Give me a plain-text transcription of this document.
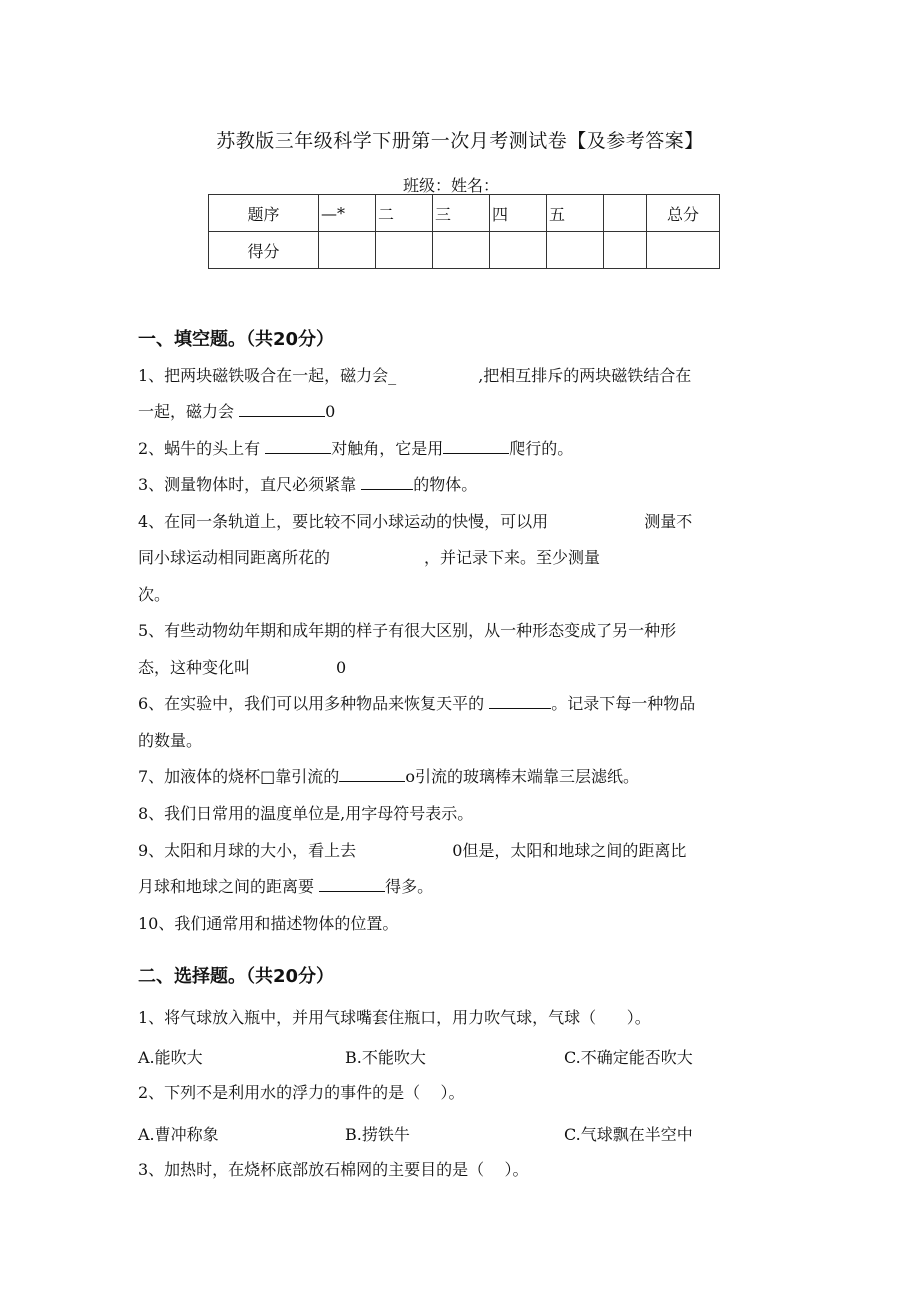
苏教版三年级科学下册第一次月考测试卷【及参考答案】
班级：姓名：
题序	—*	二	三	四	五		总分
得分							
一、填空题。（共20分）
1、把两块磁铁吸合在一起，磁力会_	,把相互排斥的两块磁铁结合在
一起，磁力会	0
2、蜗牛的头上有	对触角，它是用	爬行的。
3、测量物体时，直尺必须紧靠	的物体。
4、在同一条轨道上，要比较不同小球运动的快慢，可以用	测量不
同小球运动相同距离所花的	，并记录下来。至少测量
次。
5、有些动物幼年期和成年期的样子有很大区别，从一种形态变成了另一种形
态，这种变化叫	0
6、在实验中，我们可以用多种物品来恢复天平的	。记录下每一种物品
的数量。
7、加液体的烧杯□靠引流的	o引流的玻璃棒末端靠三层滤纸。
8、我们日常用的温度单位是,用字母符号表示。
9、太阳和月球的大小，看上去	0但是，太阳和地球之间的距离比
月球和地球之间的距离要	得多。
10、我们通常用和描述物体的位置。
二、选择题。（共20分）
1、将气球放入瓶中，并用气球嘴套住瓶口，用力吹气球，气球（      ）。
A.能吹大	B.不能吹大	C.不确定能否吹大
2、下列不是利用水的浮力的事件的是（    ）。
A.曹冲称象	B.捞铁牛	C.气球飘在半空中
3、加热时，在烧杯底部放石棉网的主要目的是（    ）。
